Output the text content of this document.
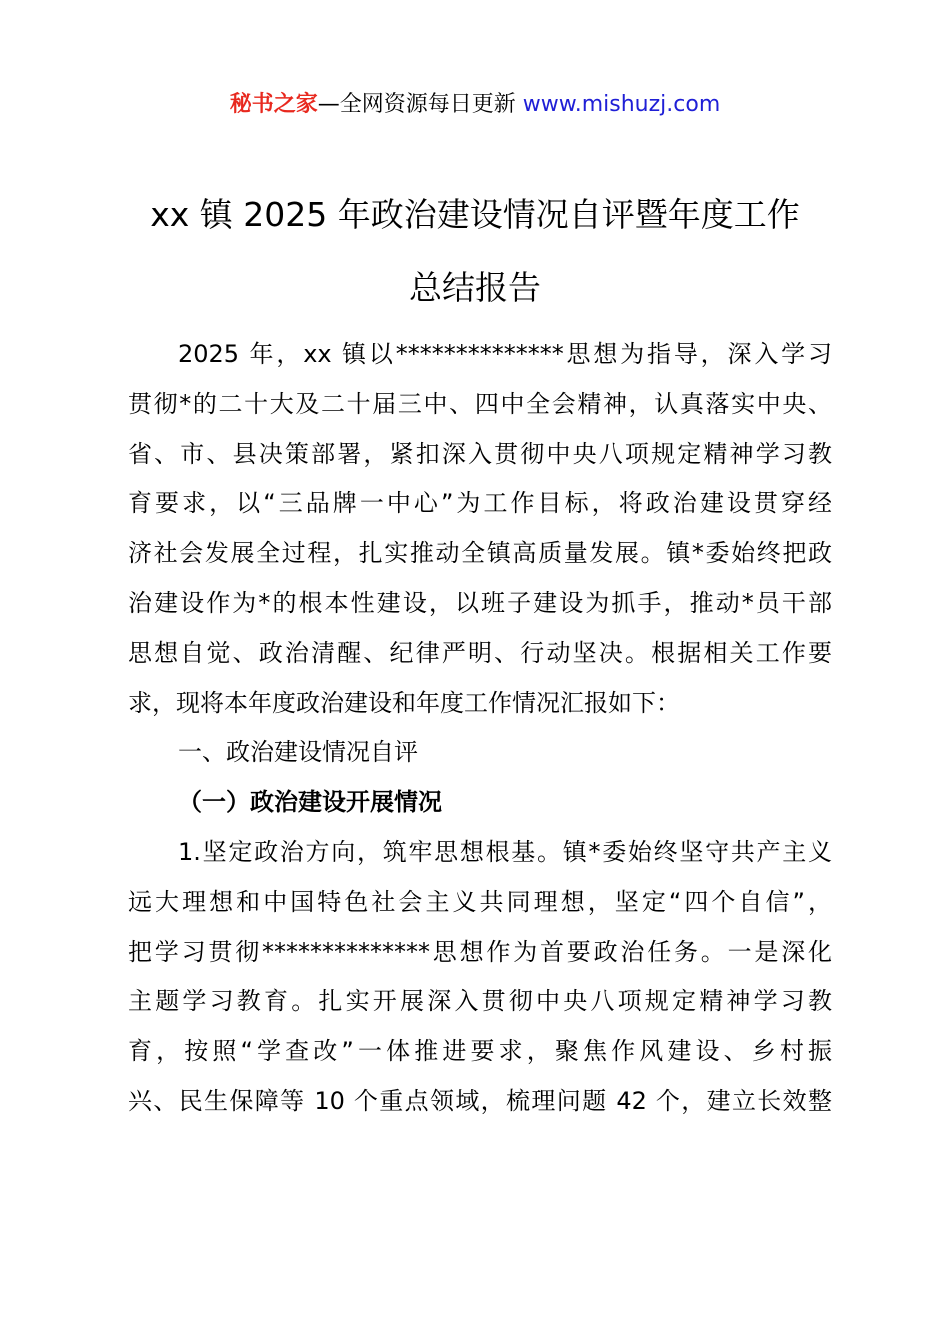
秘书之家—全网资源每日更新 www.mishuzj.com
xx 镇 2025 年政治建设情况自评暨年度工作
总结报告
2025 年，xx 镇以**************思想为指导，深入学习
贯彻*的二十大及二十届三中、四中全会精神，认真落实中央、
省、市、县决策部署，紧扣深入贯彻中央八项规定精神学习教
育要求，以“三品牌一中心”为工作目标，将政治建设贯穿经
济社会发展全过程，扎实推动全镇高质量发展。镇*委始终把政
治建设作为*的根本性建设，以班子建设为抓手，推动*员干部
思想自觉、政治清醒、纪律严明、行动坚决。根据相关工作要
求，现将本年度政治建设和年度工作情况汇报如下：
一、政治建设情况自评
（一）政治建设开展情况
1.坚定政治方向，筑牢思想根基。镇*委始终坚守共产主义
远大理想和中国特色社会主义共同理想，坚定“四个自信”，
把学习贯彻**************思想作为首要政治任务。一是深化
主题学习教育。扎实开展深入贯彻中央八项规定精神学习教
育，按照“学查改”一体推进要求，聚焦作风建设、乡村振
兴、民生保障等 10 个重点领域，梳理问题 42 个，建立长效整
